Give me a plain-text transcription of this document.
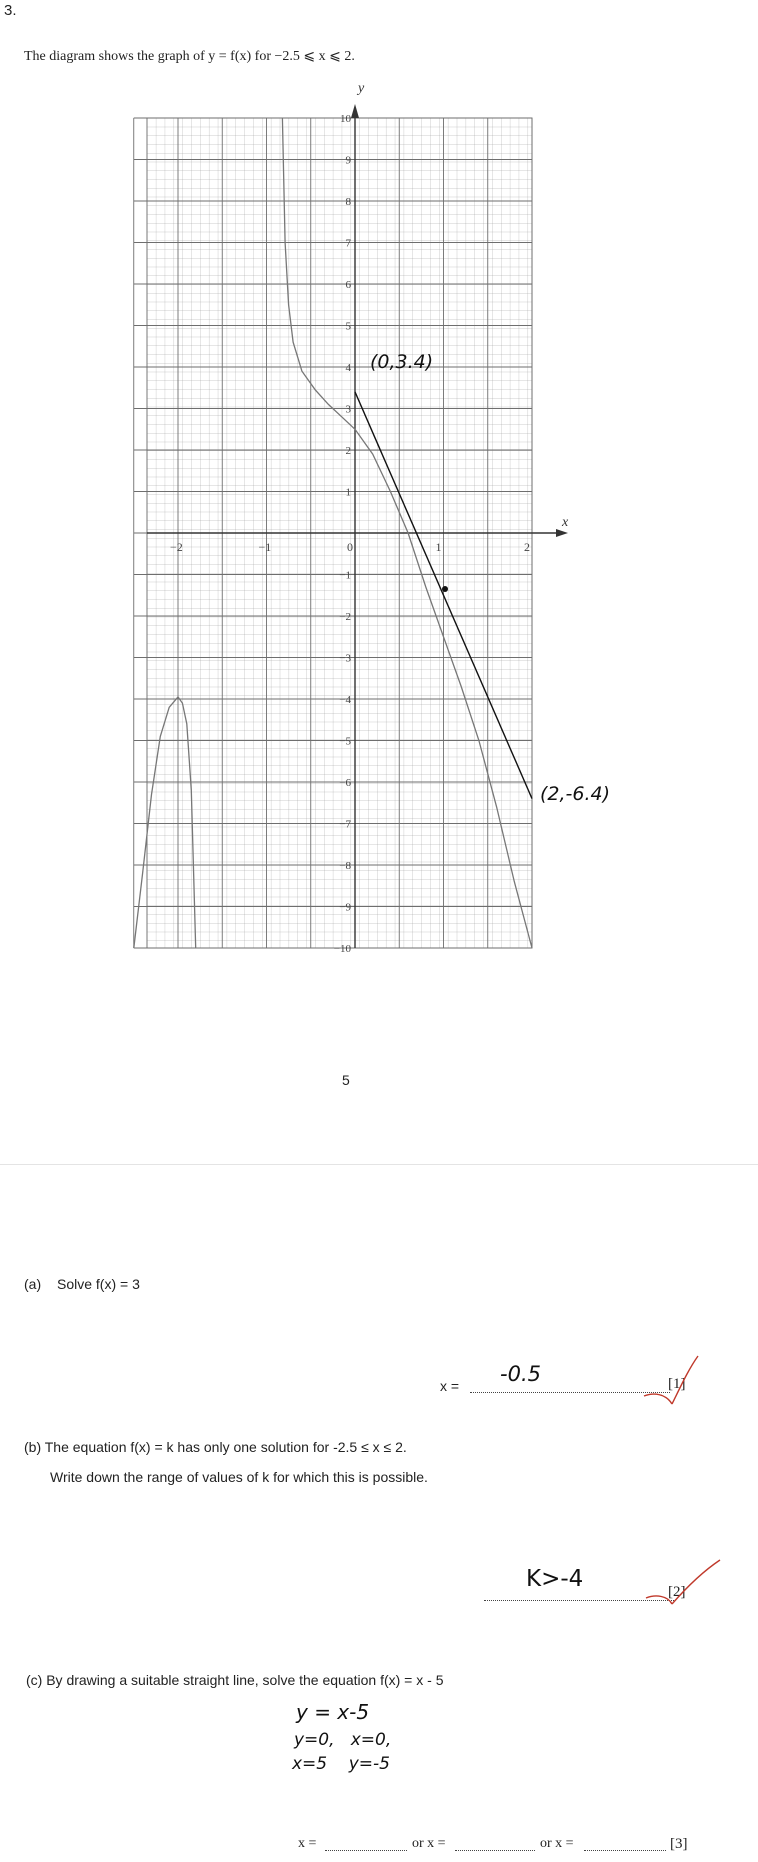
3.
The diagram shows the graph of y = f(x) for −2.5 ⩽ x ⩽ 2.
x
y
−2	−1	0	1	2
10
9
8
7
6
5
4
3
2
1
−1
−2
−3
−4
−5
−6
−7
−8
−9
−10
(0,3.4)
(2,-6.4)
5
(a) Solve f(x) = 3
x = -0.5	[1]
(b) The equation f(x) = k has only one solution for -2.5 ≤ x ≤ 2.
Write down the range of values of k for which this is possible.
K>-4	[2]
(c) By drawing a suitable straight line, solve the equation f(x) = x - 5
y = x-5
y=0,   x=0,
x=5    y=-5
x =	or x =	or x =	[3]
